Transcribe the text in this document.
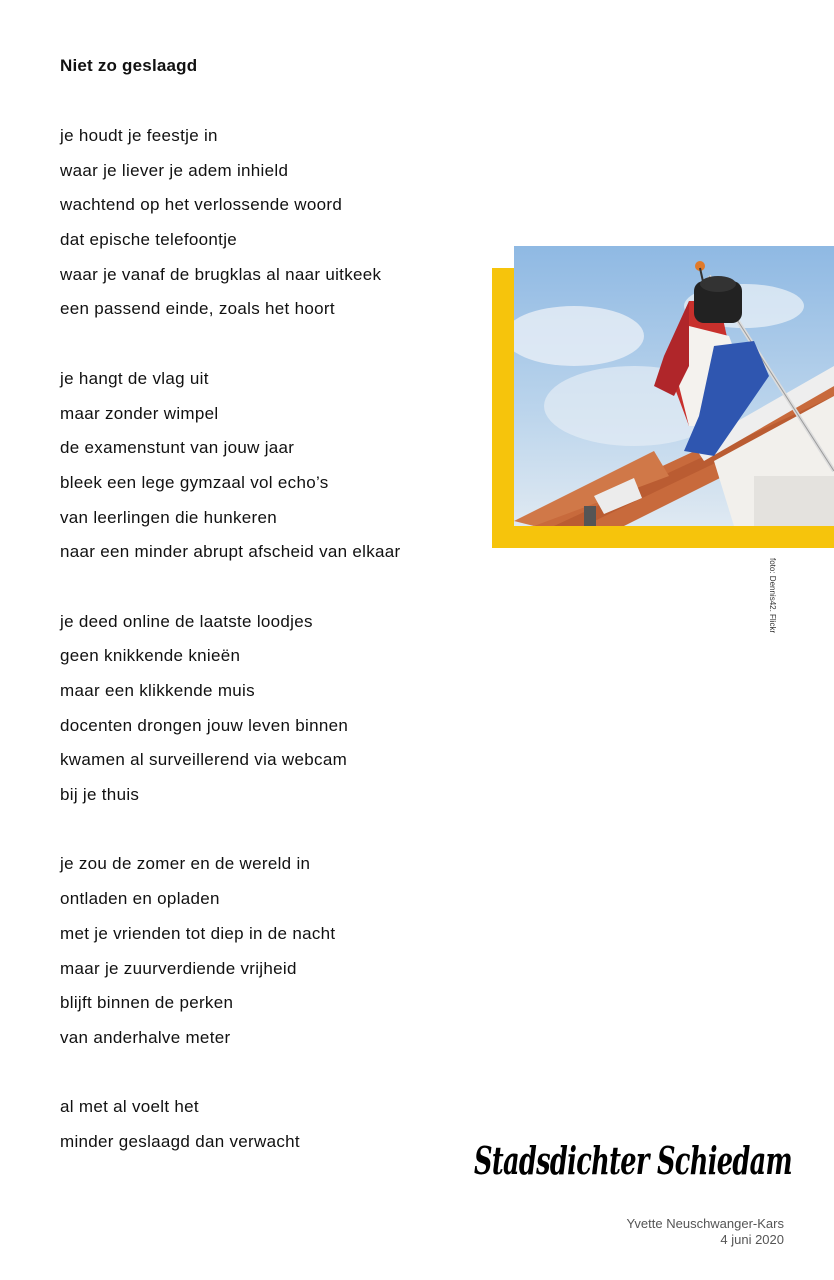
Niet zo geslaagd
je houdt je feestje in
waar je liever je adem inhield
wachtend op het verlossende woord
dat epische telefoontje
waar je vanaf de brugklas al naar uitkeek
een passend einde, zoals het hoort
je hangt de vlag uit
maar zonder wimpel
de examenstunt van jouw jaar
bleek een lege gymzaal vol echo’s
van leerlingen die hunkeren
naar een minder abrupt afscheid van elkaar
je deed online de laatste loodjes
geen knikkende knieën
maar een klikkende muis
docenten drongen jouw leven binnen
kwamen al surveillerend via webcam
bij je thuis
je zou de zomer en de wereld in
ontladen en opladen
met je vrienden tot diep in de nacht
maar je zuurverdiende vrijheid
blijft binnen de perken
van anderhalve meter
al met al voelt het
minder geslaagd dan verwacht
foto: Dennis42. Flickr
Stadsdichter Schiedam
Yvette Neuschwanger-Kars
4 juni 2020
